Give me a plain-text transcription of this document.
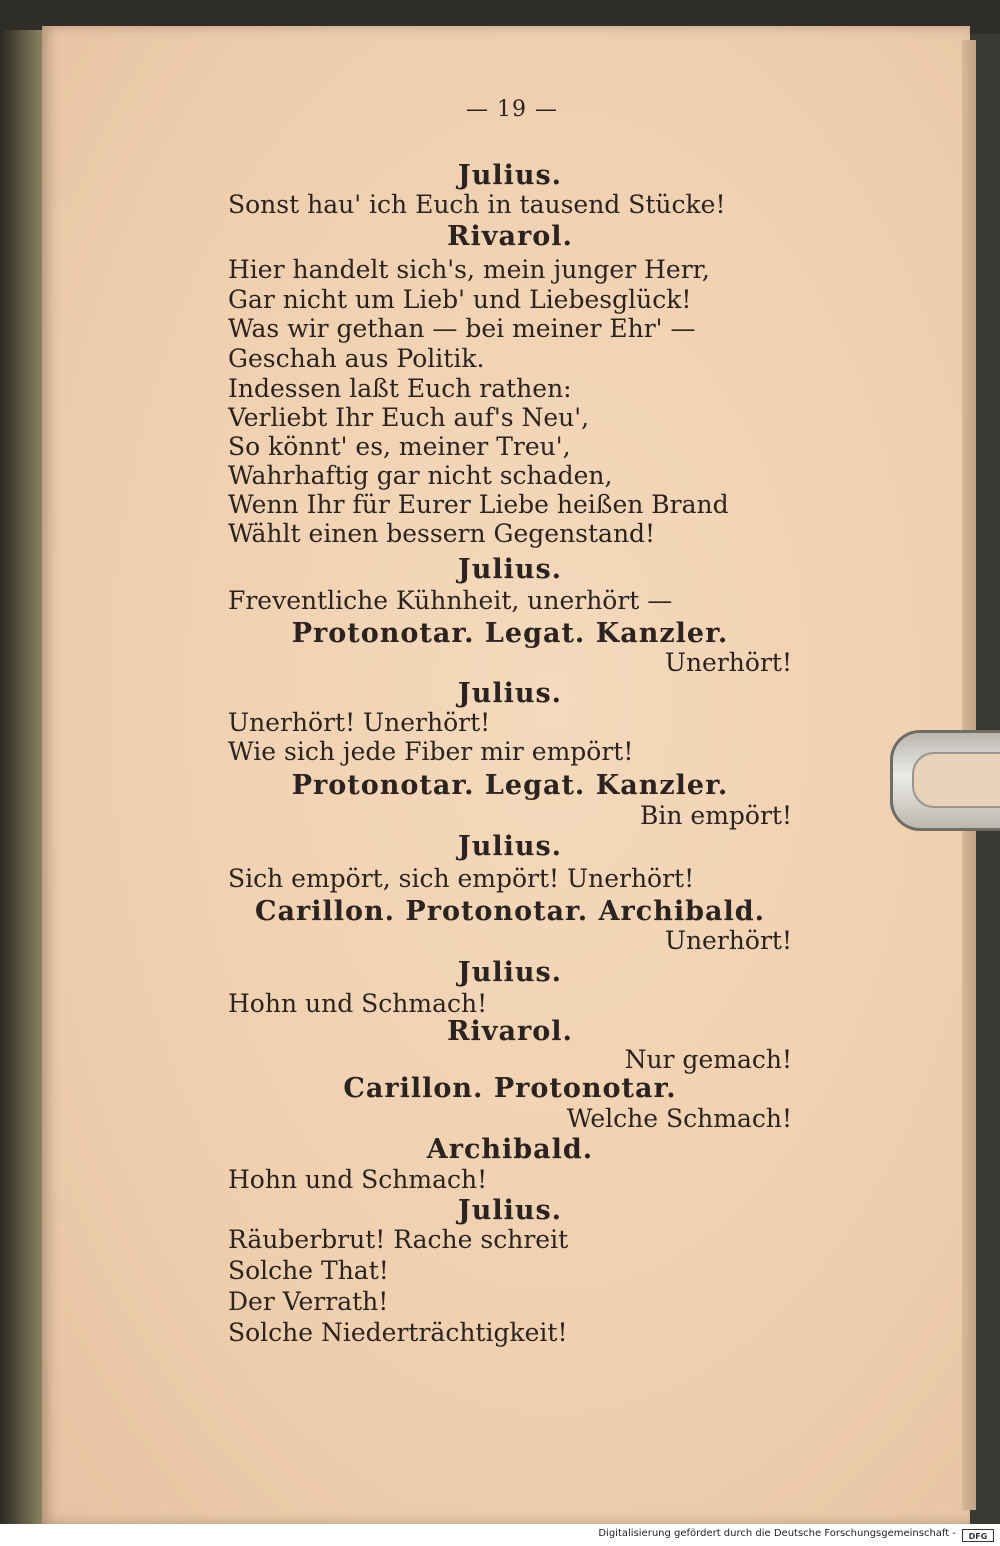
— 19 —
Julius.
Sonst hau' ich Euch in tausend Stücke!
Rivarol.
Hier handelt sich's, mein junger Herr,
Gar nicht um Lieb' und Liebesglück!
Was wir gethan — bei meiner Ehr' —
Geschah aus Politik.
Indessen laßt Euch rathen:
Verliebt Ihr Euch auf's Neu',
So könnt' es, meiner Treu',
Wahrhaftig gar nicht schaden,
Wenn Ihr für Eurer Liebe heißen Brand
Wählt einen bessern Gegenstand!
Julius.
Freventliche Kühnheit, unerhört —
Protonotar. Legat. Kanzler.
Unerhört!
Julius.
Unerhört! Unerhört!
Wie sich jede Fiber mir empört!
Protonotar. Legat. Kanzler.
Bin empört!
Julius.
Sich empört, sich empört! Unerhört!
Carillon. Protonotar. Archibald.
Unerhört!
Julius.
Hohn und Schmach!
Rivarol.
Nur gemach!
Carillon. Protonotar.
Welche Schmach!
Archibald.
Hohn und Schmach!
Julius.
Räuberbrut! Rache schreit
Solche That!
Der Verrath!
Solche Niederträchtigkeit!
Digitalisierung gefördert durch die Deutsche Forschungsgemeinschaft -	DFG
